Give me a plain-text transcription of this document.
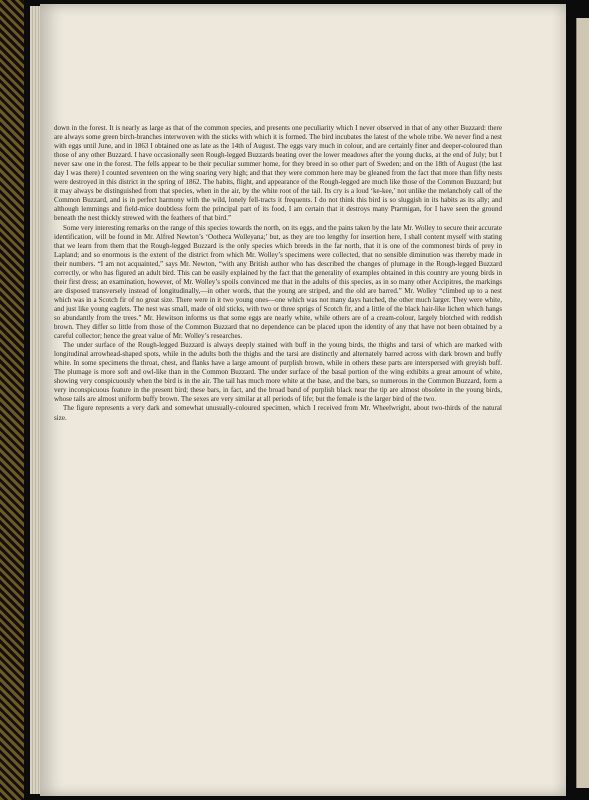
down in the forest. It is nearly as large as that of the common species, and presents one peculiarity which I never observed in that of any other Buzzard: there are always some green birch-branches interwoven with the sticks with which it is formed. The bird incubates the latest of the whole tribe. We never find a nest with eggs until June, and in 1863 I obtained one as late as the 14th of August. The eggs vary much in colour, and are certainly finer and deeper-coloured than those of any other Buzzard. I have occasionally seen Rough-legged Buzzards beating over the lower meadows after the young ducks, at the end of July; but I never saw one in the forest. The fells appear to be their peculiar summer home, for they breed in so other part of Sweden; and on the 18th of August (the last day I was there) I counted seventeen on the wing soaring very high; and that they were common here may be gleaned from the fact that more than fifty nests were destroyed in this district in the spring of 1862. The habits, flight, and appearance of the Rough-legged are much like those of the Common Buzzard; but it may always be distinguished from that species, when in the air, by the white root of the tail. Its cry is a loud ‘ke-kee,’ not unlike the melancholy call of the Common Buzzard, and is in perfect harmony with the wild, lonely fell-tracts it frequents. I do not think this bird is so sluggish in its habits as its ally; and although lemmings and field-mice doubtless form the principal part of its food, I am certain that it destroys many Ptarmigan, for I have seen the ground beneath the nest thickly strewed with the feathers of that bird.”

Some very interesting remarks on the range of this species towards the north, on its eggs, and the pains taken by the late Mr. Wolley to secure their accurate identification, will be found in Mr. Alfred Newton’s ‘Ootheca Wolleyana;’ but, as they are too lengthy for insertion here, I shall content myself with stating that we learn from them that the Rough-legged Buzzard is the only species which breeds in the far north, that it is one of the commonest birds of prey in Lapland; and so enormous is the extent of the district from which Mr. Wolley’s specimens were collected, that no sensible diminution was thereby made in their numbers. “I am not acquainted,” says Mr. Newton, “with any British author who has described the changes of plumage in the Rough-legged Buzzard correctly, or who has figured an adult bird. This can be easily explained by the fact that the generality of examples obtained in this country are young birds in their first dress; an examination, however, of Mr. Wolley’s spoils convinced me that in the adults of this species, as in so many other Accipitres, the markings are disposed transversely instead of longitudinally,—in other words, that the young are striped, and the old are barred.” Mr. Wolley “climbed up to a nest which was in a Scotch fir of no great size. There were in it two young ones—one which was not many days hatched, the other much larger. They were white, and just like young eaglets. The nest was small, made of old sticks, with two or three sprigs of Scotch fir, and a little of the black hair-like lichen which hangs so abundantly from the trees.” Mr. Hewitson informs us that some eggs are nearly white, while others are of a cream-colour, largely blotched with reddish brown. They differ so little from those of the Common Buzzard that no dependence can be placed upon the identity of any that have not been obtained by a careful collector; hence the great value of Mr. Wolley’s researches.

The under surface of the Rough-legged Buzzard is always deeply stained with buff in the young birds, the thighs and tarsi of which are marked with longitudinal arrowhead-shaped spots, while in the adults both the thighs and the tarsi are distinctly and alternately barred across with dark brown and buffy white. In some specimens the throat, chest, and flanks have a large amount of purplish brown, while in others these parts are interspersed with greyish buff. The plumage is more soft and owl-like than in the Common Buzzard. The under surface of the basal portion of the wing exhibits a great amount of white, showing very conspicuously when the bird is in the air. The tail has much more white at the base, and the bars, so numerous in the Common Buzzard, form a very inconspicuous feature in the present bird; these bars, in fact, and the broad band of purplish black near the tip are almost obsolete in the young birds, whose tails are almost uniform buffy brown. The sexes are very similar at all periods of life; but the female is the larger bird of the two.

The figure represents a very dark and somewhat unusually-coloured specimen, which I received from Mr. Wheelwright, about two-thirds of the natural size.
